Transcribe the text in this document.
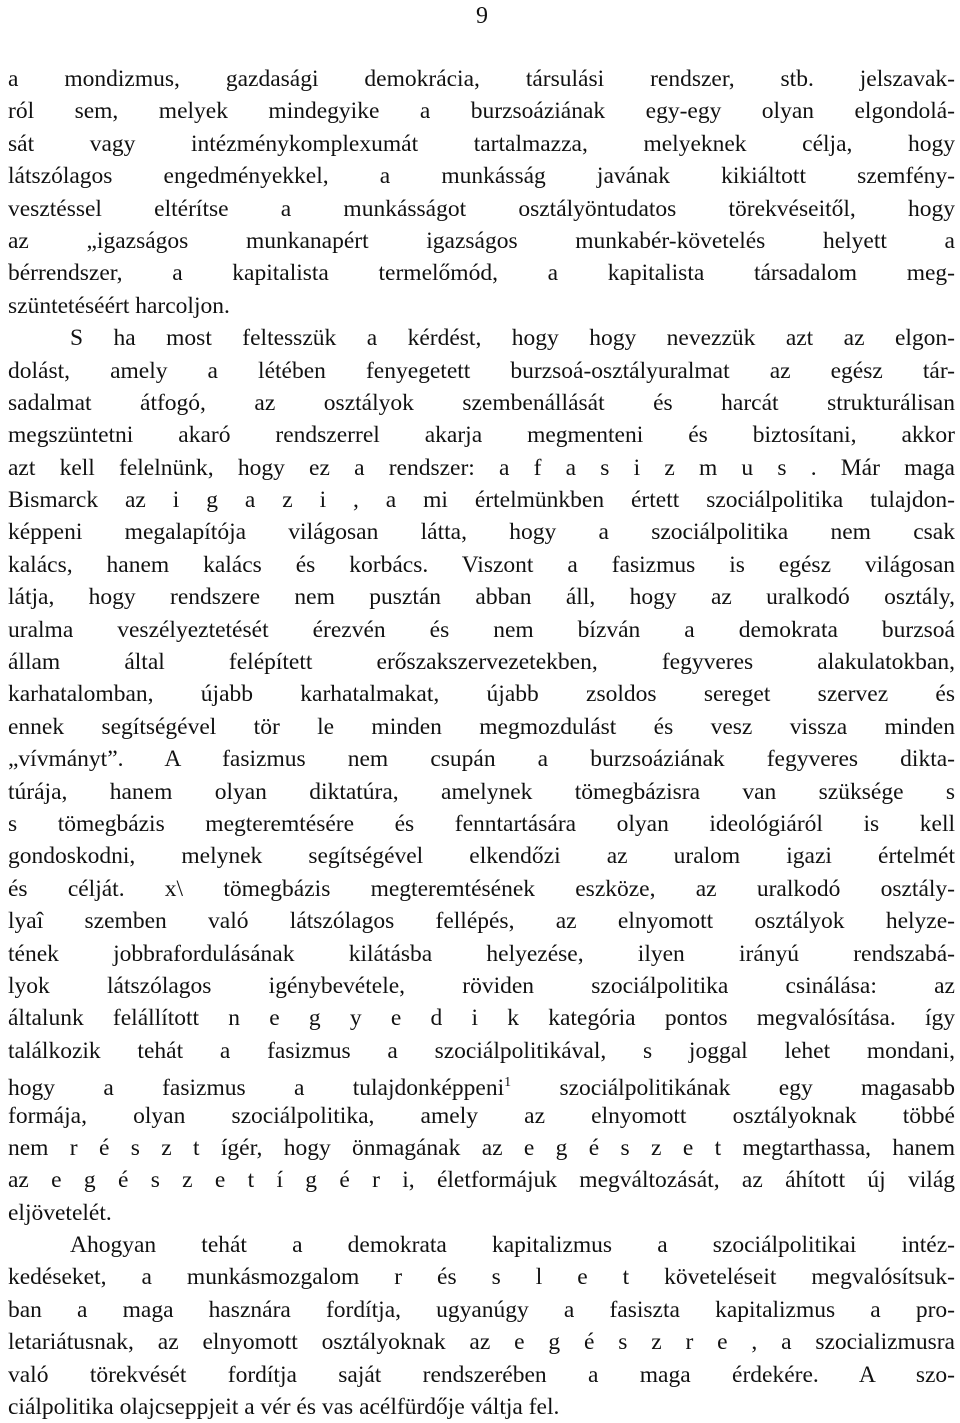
9
a mondizmus, gazdasági demokrácia, társulási rendszer, stb. jelszavak-
ról sem, melyek mindegyike a burzsoáziának egy-egy olyan elgondolá-
sát vagy intézménykomplexumát tartalmazza, melyeknek célja, hogy
látszólagos engedményekkel, a munkásság javának kikiáltott szemfény-
vesztéssel eltérítse a munkásságot osztályöntudatos törekvéseitől, hogy
az „igazságos munkanapért igazságos munkabér-követelés helyett a
bérrendszer, a kapitalista termelőmód, a kapitalista társadalom meg-
szüntetéséért harcoljon.
S ha most feltesszük a kérdést, hogy hogy nevezzük azt az elgon-
dolást, amely a létében fenyegetett burzsoá-osztályuralmat az egész tár-
sadalmat átfogó, az osztályok szembenállását és harcát strukturálisan
megszüntetni akaró rendszerrel akarja megmenteni és biztosítani, akkor
azt kell felelnünk, hogy ez a rendszer: a f a s i z m u s . Már maga
Bismarck az i g a z i , a mi értelmünkben értett szociálpolitika tulajdon-
képpeni megalapítója világosan látta, hogy a szociálpolitika nem csak
kalács, hanem kalács és korbács. Viszont a fasizmus is egész világosan
látja, hogy rendszere nem pusztán abban áll, hogy az uralkodó osztály,
uralma veszélyeztetését érezvén és nem bízván a demokrata burzsoá
állam által felépített erőszakszervezetekben, fegyveres alakulatokban,
karhatalomban, újabb karhatalmakat, újabb zsoldos sereget szervez és
ennek segítségével tör le minden megmozdulást és vesz vissza minden
„vívmányt”. A fasizmus nem csupán a burzsoáziának fegyveres dikta-
túrája, hanem olyan diktatúra, amelynek tömegbázisra van szüksége s
s tömegbázis megteremtésére és fenntartására olyan ideológiáról is kell
gondoskodni, melynek segítségével elkendőzi az uralom igazi értelmét
és célját. x\ tömegbázis megteremtésének eszköze, az uralkodó osztály-
lyaî szemben való látszólagos fellépés, az elnyomott osztályok helyze-
tének jobbrafordulásának kilátásba helyezése, ilyen irányú rendszabá-
lyok látszólagos igénybevétele, röviden szociálpolitika csinálása: az
általunk felállított n e g y e d i k kategória pontos megvalósítása. így
találkozik tehát a fasizmus a szociálpolitikával, s joggal lehet mondani,
hogy a fasizmus a tulajdonképpeni$^1$ szociálpolitikának egy magasabb
formája, olyan szociálpolitika, amely az elnyomott osztályoknak többé
nem r é s z t ígér, hogy önmagának az e g é s z e t megtarthassa, hanem
az e g é s z e t í g é r i, életformájuk megváltozását, az áhított új világ
eljövetelét.
Ahogyan tehát a demokrata kapitalizmus a szociálpolitikai intéz-
kedéseket, a munkásmozgalom r és s l e t követeléseit megvalósítsuk-
ban a maga hasznára fordítja, ugyanúgy a fasiszta kapitalizmus a pro-
letariátusnak, az elnyomott osztályoknak az e g é s z r e , a szocializmusra
való törekvését fordítja saját rendszerében a maga érdekére. A szo-
ciálpolitika olajcseppjeit a vér és vas acélfürdője váltja fel.
